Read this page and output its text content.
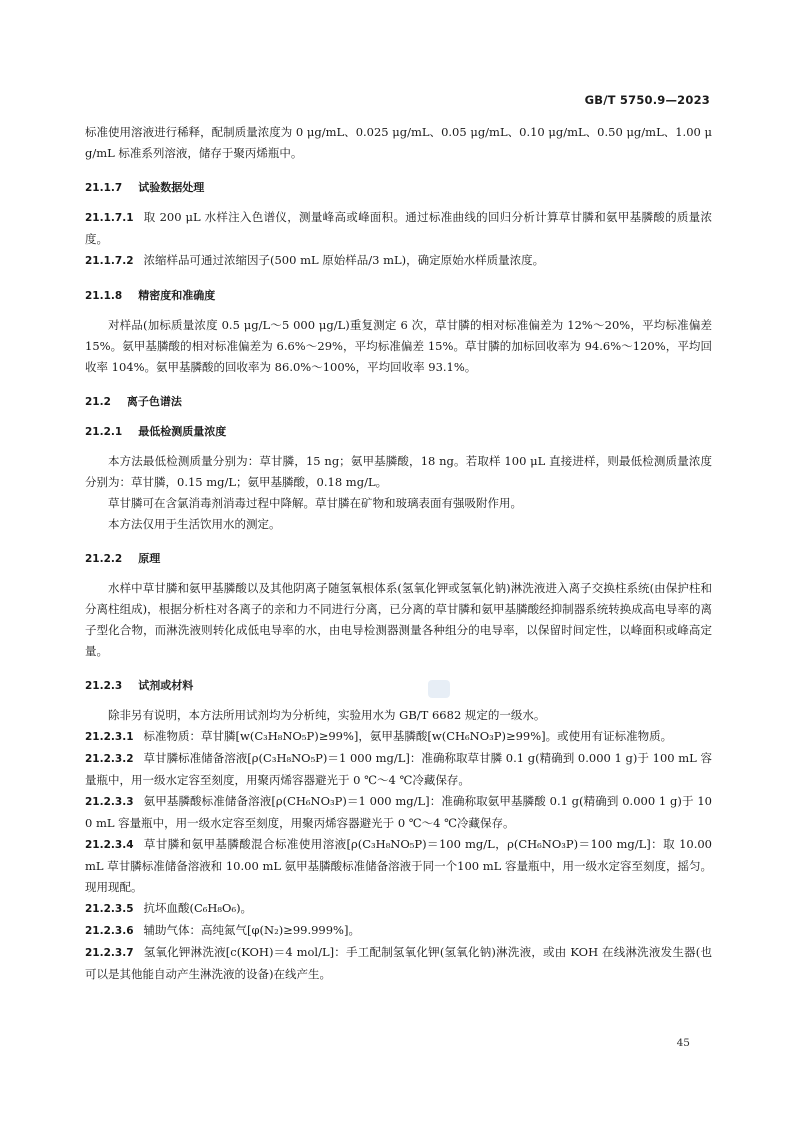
GB/T 5750.9—2023
标准使用溶液进行稀释，配制质量浓度为 0 μg/mL、0.025 μg/mL、0.05 μg/mL、0.10 μg/mL、0.50 μg/mL、1.00 μg/mL 标准系列溶液，储存于聚丙烯瓶中。
21.1.7 试验数据处理
21.1.7.1 取 200 μL 水样注入色谱仪，测量峰高或峰面积。通过标准曲线的回归分析计算草甘膦和氨甲基膦酸的质量浓度。
21.1.7.2 浓缩样品可通过浓缩因子(500 mL 原始样品/3 mL)，确定原始水样质量浓度。
21.1.8 精密度和准确度
对样品(加标质量浓度 0.5 μg/L～5 000 μg/L)重复测定 6 次，草甘膦的相对标准偏差为 12%～20%，平均标准偏差 15%。氨甲基膦酸的相对标准偏差为 6.6%～29%，平均标准偏差 15%。草甘膦的加标回收率为 94.6%～120%，平均回收率 104%。氨甲基膦酸的回收率为 86.0%～100%，平均回收率 93.1%。
21.2 离子色谱法
21.2.1 最低检测质量浓度
本方法最低检测质量分别为：草甘膦，15 ng；氨甲基膦酸，18 ng。若取样 100 μL 直接进样，则最低检测质量浓度分别为：草甘膦，0.15 mg/L；氨甲基膦酸，0.18 mg/L。
草甘膦可在含氯消毒剂消毒过程中降解。草甘膦在矿物和玻璃表面有强吸附作用。
本方法仅用于生活饮用水的测定。
21.2.2 原理
水样中草甘膦和氨甲基膦酸以及其他阴离子随氢氧根体系(氢氧化钾或氢氧化钠)淋洗液进入离子交换柱系统(由保护柱和分离柱组成)，根据分析柱对各离子的亲和力不同进行分离，已分离的草甘膦和氨甲基膦酸经抑制器系统转换成高电导率的离子型化合物，而淋洗液则转化成低电导率的水，由电导检测器测量各种组分的电导率，以保留时间定性，以峰面积或峰高定量。
21.2.3 试剂或材料
除非另有说明，本方法所用试剂均为分析纯，实验用水为 GB/T 6682 规定的一级水。
21.2.3.1 标准物质：草甘膦[w(C₃H₈NO₅P)≥99%]，氨甲基膦酸[w(CH₆NO₃P)≥99%]。或使用有证标准物质。
21.2.3.2 草甘膦标准储备溶液[ρ(C₃H₈NO₅P)＝1 000 mg/L]：准确称取草甘膦 0.1 g(精确到 0.000 1 g)于 100 mL 容量瓶中，用一级水定容至刻度，用聚丙烯容器避光于 0 ℃～4 ℃冷藏保存。
21.2.3.3 氨甲基膦酸标准储备溶液[ρ(CH₆NO₃P)＝1 000 mg/L]：准确称取氨甲基膦酸 0.1 g(精确到 0.000 1 g)于 100 mL 容量瓶中，用一级水定容至刻度，用聚丙烯容器避光于 0 ℃～4 ℃冷藏保存。
21.2.3.4 草甘膦和氨甲基膦酸混合标准使用溶液[ρ(C₃H₈NO₅P)＝100 mg/L，ρ(CH₆NO₃P)＝100 mg/L]：取 10.00 mL 草甘膦标准储备溶液和 10.00 mL 氨甲基膦酸标准储备溶液于同一个100 mL 容量瓶中，用一级水定容至刻度，摇匀。现用现配。
21.2.3.5 抗坏血酸(C₆H₈O₆)。
21.2.3.6 辅助气体：高纯氮气[φ(N₂)≥99.999%]。
21.2.3.7 氢氧化钾淋洗液[c(KOH)＝4 mol/L]：手工配制氢氧化钾(氢氧化钠)淋洗液，或由 KOH 在线淋洗液发生器(也可以是其他能自动产生淋洗液的设备)在线产生。
45
